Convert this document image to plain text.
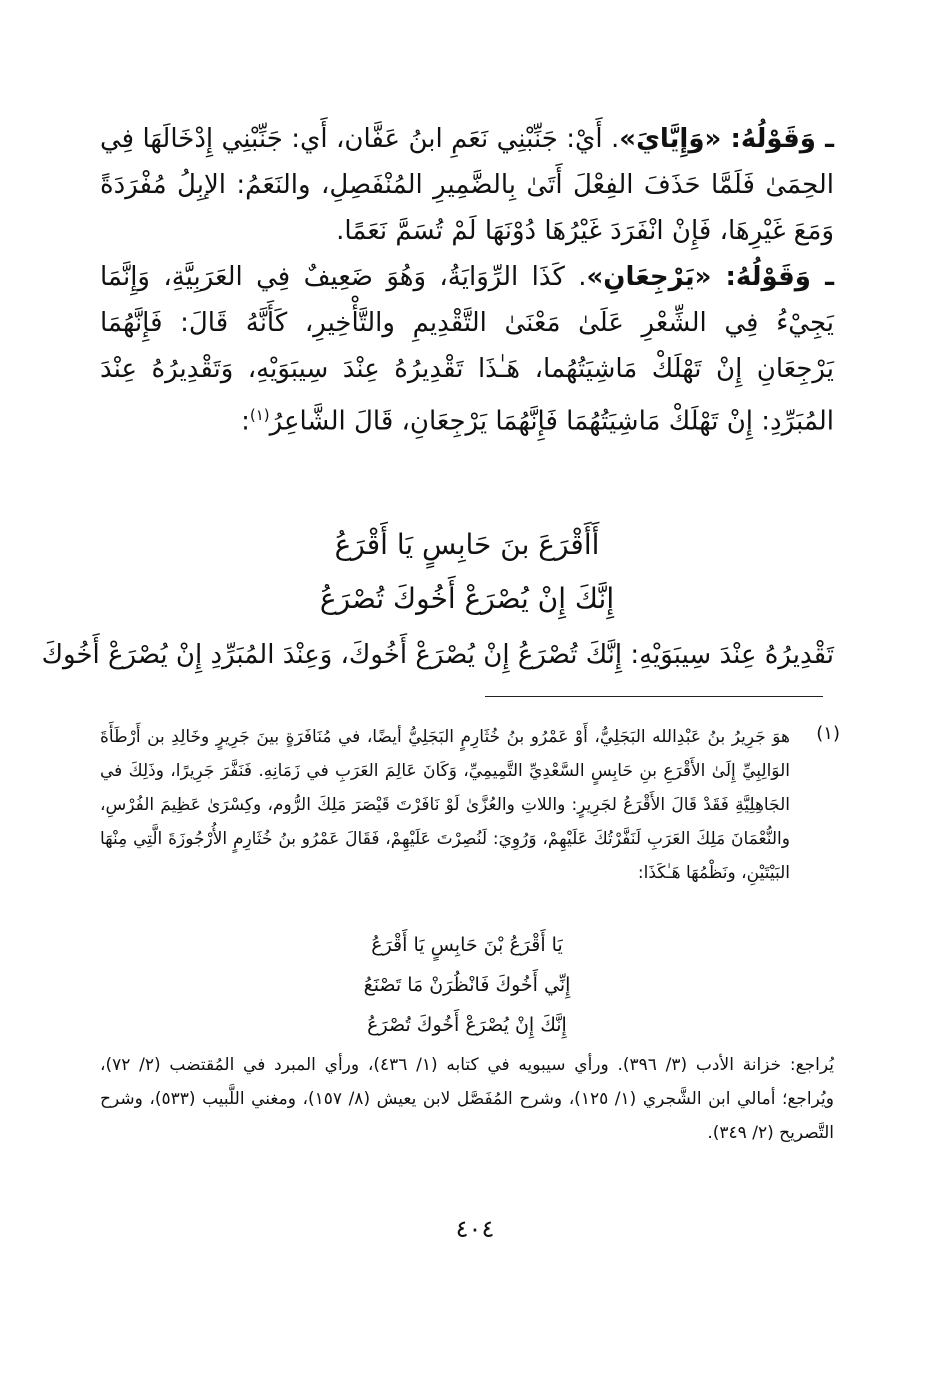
ـ وَقَوْلُهُ: «وَإِيَّايَ». أَيْ: جَنِّبْنِي نَعَمِ ابنُ عَفَّان، أَي: جَنِّبْنِي إِدْخَالَهَا فِي الحِمَىٰ فَلَمَّا حَذَفَ الفِعْلَ أَتَىٰ بِالضَّمِيرِ المُنْفَصِلِ، والنَعَمُ: الإبِلُ مُفْرَدَةً وَمَعَ غَيْرِهَا، فَإِنْ انْفَرَدَ غَيْرُهَا دُوْنَهَا لَمْ تُسَمَّ نَعَمًا.

ـ وَقَوْلُهُ: «يَرْجِعَانِ». كَذَا الرِّوَايَةُ، وَهُوَ ضَعِيفٌ فِي العَرَبِيَّةِ، وَإِنَّمَا يَجِيْءُ فِي الشِّعْرِ عَلَىٰ مَعْنَىٰ التَّقْدِيمِ والتَّأْخِيرِ، كَأَنَّهُ قَالَ: فَإِنَّهُمَا يَرْجِعَانِ إِنْ تَهْلَكْ مَاشِيَتُهُما، هَـٰذَا تَقْدِيرُهُ عِنْدَ سِيبَوَيْهِ، وَتَقْدِيرُهُ عِنْدَ المُبَرِّدِ: إِنْ تَهْلَكْ مَاشِيَتُهُمَا فَإِنَّهُمَا يَرْجِعَانِ، قَالَ الشَّاعِرُ$^{(١)}$:

أَأَقْرَعَ بنَ حَابِسٍ يَا أَقْرَعُ
إِنَّكَ إِنْ يُصْرَعْ أَخُوكَ تُصْرَعُ
تَقْدِيرُهُ عِنْدَ سِيبَوَيْهِ: إِنَّكَ تُصْرَعُ إِنْ يُصْرَعْ أَخُوكَ، وَعِنْدَ المُبَرِّدِ إِنْ يُصْرَعْ أَخُوكَ
(١)
هوَ جَرِيرُ بنُ عَبْدِالله البَجَلِيُّ، أَوْ عَمْرُو بنُ خُثَارِمٍ البَجَلِيُّ أيضًا، في مُنَافَرَةٍ بينَ جَرِيرٍ وخَالِدِ بن أَرْطَأَةَ الوَالِبِيِّ إِلَىٰ الأَقْرَعِ بنِ حَابِسٍ السَّعْدِيِّ التَّمِيمِيِّ، وَكَانَ عَالِمَ العَرَبِ في زَمَانِهِ. فَنَفَّرَ جَرِيرًا، وذَلِكَ في الجَاهِلِيَّةِ فَقَدْ قَالَ الأَقْرَعُ لجَرِيرٍ: واللاتِ والعُزَّىٰ لَوْ نَافَرْتَ قَيْصَرَ مَلِكَ الرُّوم، وكِسْرَىٰ عَظِيمَ الفُرْسِ، والنُّعْمَانَ مَلِكَ العَرَبِ لَنَفَّرْتُكَ عَلَيْهِمْ، وَرُوِيَ: لَنُصِرْتَ عَلَيْهِمْ، فَقَالَ عَمْرُو بنُ خُثَارِمٍ الأُرْجُوزَةَ الَّتِي مِنْهَا البَيْتَيْنِ، ونَظْمُهَا هَـٰكَذَا:
يَا أَقْرَعُ بْنَ حَابِسٍ يَا أَقْرَعُ
إِنِّي أَخُوكَ فَانْظُرَنْ مَا تَصْنَعُ
إِنَّكَ إِنْ يُصْرَعْ أَخُوكَ تُصْرَعُ
يُراجع: خزانة الأدب (٣/ ٣٩٦). ورأي سيبويه في كتابه (١/ ٤٣٦)، ورأي المبرد في المُقتضب (٢/ ٧٢)، ويُراجع؛ أمالي ابن الشَّجري (١/ ١٢٥)، وشرح المُفَصَّل لابن يعيش (٨/ ١٥٧)، ومغني اللَّبيب (٥٣٣)، وشرح التَّصريح (٢/ ٣٤٩).
٤٠٤
